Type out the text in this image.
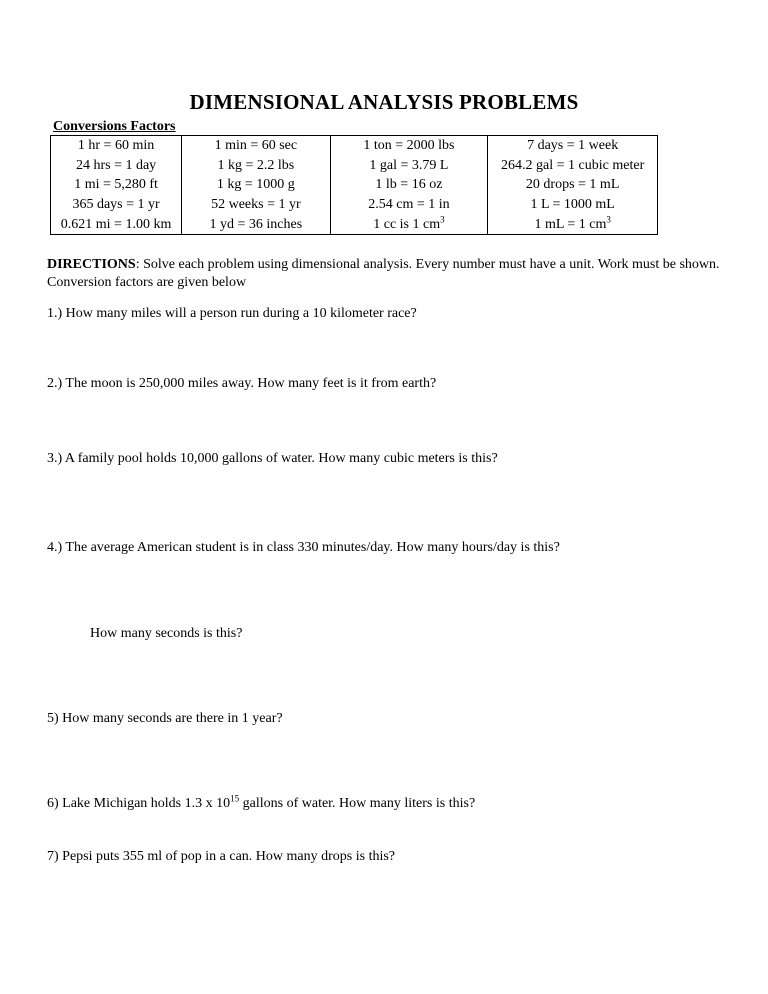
DIMENSIONAL ANALYSIS PROBLEMS
Conversions Factors
1 hr = 60 min	1 min = 60 sec	1 ton = 2000 lbs	7 days = 1 week
24 hrs = 1 day	1 kg = 2.2 lbs	1 gal = 3.79 L	264.2 gal = 1 cubic meter
1 mi = 5,280 ft	1 kg = 1000 g	1 lb = 16 oz	20 drops = 1 mL
365 days = 1 yr	52 weeks = 1 yr	2.54 cm = 1 in	1 L = 1000 mL
0.621 mi = 1.00 km	1 yd = 36 inches	1 cc is 1 $cm^3$	1 mL = 1 $cm^3$
DIRECTIONS: Solve each problem using dimensional analysis. Every number must have a unit. Work must be shown. Conversion factors are given below
1.) How many miles will a person run during a 10 kilometer race?
2.) The moon is 250,000 miles away. How many feet is it from earth?
3.) A family pool holds 10,000 gallons of water. How many cubic meters is this?
4.) The average American student is in class 330 minutes/day. How many hours/day is this?
How many seconds is this?
5) How many seconds are there in 1 year?
6) Lake Michigan holds 1.3 x $10^{15}$ gallons of water. How many liters is this?
7) Pepsi puts 355 ml of pop in a can. How many drops is this?
